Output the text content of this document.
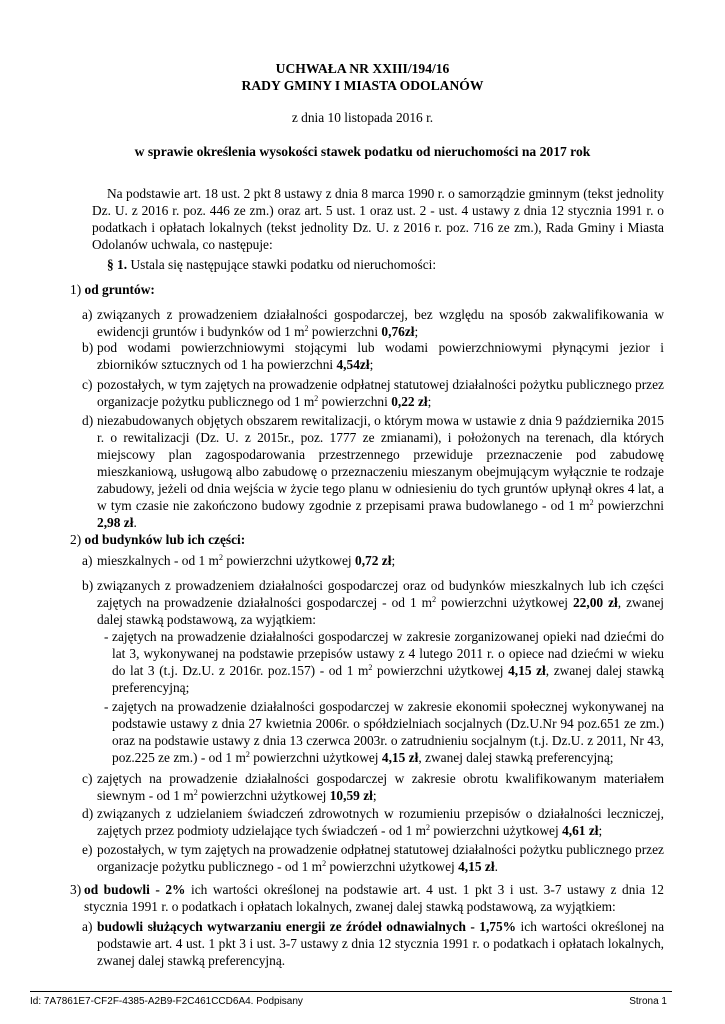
UCHWAŁA NR XXIII/194/16
RADY GMINY I MIASTA ODOLANÓW
z dnia 10 listopada 2016 r.
w sprawie określenia wysokości stawek podatku od nieruchomości na 2017 rok
Na podstawie art. 18 ust. 2 pkt 8 ustawy z dnia 8 marca 1990 r. o samorządzie gminnym (tekst jednolity Dz. U. z 2016 r. poz. 446 ze zm.) oraz art. 5 ust. 1 oraz ust. 2 - ust. 4 ustawy z dnia 12 stycznia 1991 r. o podatkach i opłatach lokalnych (tekst jednolity Dz. U. z 2016 r. poz. 716 ze zm.), Rada Gminy i Miasta Odolanów uchwala, co następuje:
§ 1. Ustala się następujące stawki podatku od nieruchomości:
1) od gruntów:
a) związanych z prowadzeniem działalności gospodarczej, bez względu na sposób zakwalifikowania w ewidencji gruntów i budynków od 1 $m^2$ powierzchni 0,76zł;
b) pod wodami powierzchniowymi stojącymi lub wodami powierzchniowymi płynącymi jezior i zbiorników sztucznych od 1 ha powierzchni 4,54zł;
c) pozostałych, w tym zajętych na prowadzenie odpłatnej statutowej działalności pożytku publicznego przez organizacje pożytku publicznego od 1 $m^2$ powierzchni 0,22 zł;
d) niezabudowanych objętych obszarem rewitalizacji, o którym mowa w ustawie z dnia 9 października 2015 r. o rewitalizacji (Dz. U. z 2015r., poz. 1777 ze zmianami), i położonych na terenach, dla których miejscowy plan zagospodarowania przestrzennego przewiduje przeznaczenie pod zabudowę mieszkaniową, usługową albo zabudowę o przeznaczeniu mieszanym obejmującym wyłącznie te rodzaje zabudowy, jeżeli od dnia wejścia w życie tego planu w odniesieniu do tych gruntów upłynął okres 4 lat, a w tym czasie nie zakończono budowy zgodnie z przepisami prawa budowlanego - od 1 $m^2$ powierzchni 2,98 zł.
2) od budynków lub ich części:
a) mieszkalnych - od 1 $m^2$ powierzchni użytkowej 0,72 zł;
b) związanych z prowadzeniem działalności gospodarczej oraz od budynków mieszkalnych lub ich części zajętych na prowadzenie działalności gospodarczej - od 1 $m^2$ powierzchni użytkowej 22,00 zł, zwanej dalej stawką podstawową, za wyjątkiem:
- zajętych na prowadzenie działalności gospodarczej w zakresie zorganizowanej opieki nad dziećmi do lat 3, wykonywanej na podstawie przepisów ustawy z 4 lutego 2011 r. o opiece nad dziećmi w wieku do lat 3 (t.j. Dz.U. z 2016r. poz.157) - od 1 $m^2$ powierzchni użytkowej 4,15 zł, zwanej dalej stawką preferencyjną;
- zajętych na prowadzenie działalności gospodarczej w zakresie ekonomii społecznej wykonywanej na podstawie ustawy z dnia 27 kwietnia 2006r. o spółdzielniach socjalnych (Dz.U.Nr 94 poz.651 ze zm.) oraz na podstawie ustawy z dnia 13 czerwca 2003r. o zatrudnieniu socjalnym (t.j. Dz.U. z 2011, Nr 43, poz.225 ze zm.) - od 1 $m^2$ powierzchni użytkowej 4,15 zł, zwanej dalej stawką preferencyjną;
c) zajętych na prowadzenie działalności gospodarczej w zakresie obrotu kwalifikowanym materiałem siewnym - od 1 $m^2$ powierzchni użytkowej 10,59 zł;
d) związanych z udzielaniem świadczeń zdrowotnych w rozumieniu przepisów o działalności leczniczej, zajętych przez podmioty udzielające tych świadczeń - od 1 $m^2$ powierzchni użytkowej 4,61 zł;
e) pozostałych, w tym zajętych na prowadzenie odpłatnej statutowej działalności pożytku publicznego przez organizacje pożytku publicznego - od 1 $m^2$ powierzchni użytkowej 4,15 zł.
3) od budowli - 2% ich wartości określonej na podstawie art. 4 ust. 1 pkt 3 i ust. 3-7 ustawy z dnia 12 stycznia 1991 r. o podatkach i opłatach lokalnych, zwanej dalej stawką podstawową, za wyjątkiem:
a) budowli służących wytwarzaniu energii ze źródeł odnawialnych - 1,75% ich wartości określonej na podstawie art. 4 ust. 1 pkt 3 i ust. 3-7 ustawy z dnia 12 stycznia 1991 r. o podatkach i opłatach lokalnych, zwanej dalej stawką preferencyjną.
Id: 7A7861E7-CF2F-4385-A2B9-F2C461CCD6A4. Podpisany	Strona 1
